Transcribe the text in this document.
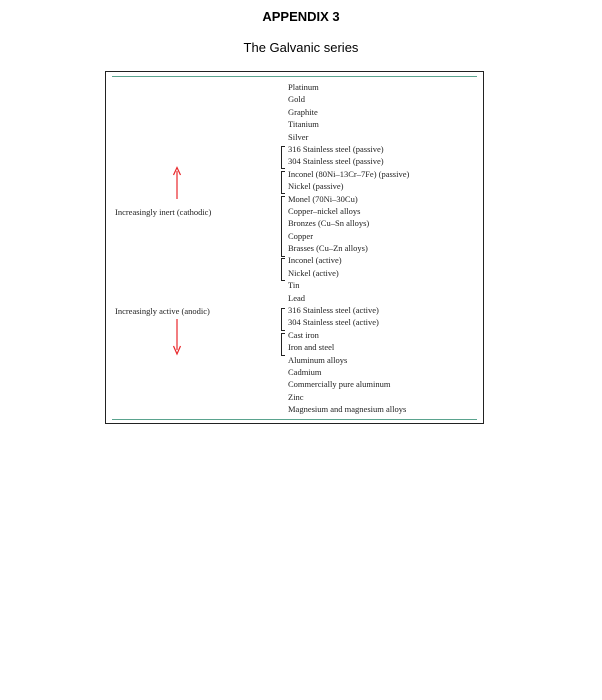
APPENDIX 3
The Galvanic series
Increasingly inert (cathodic)
Increasingly active (anodic)
Platinum
Gold
Graphite
Titanium
Silver
316 Stainless steel (passive)
304 Stainless steel (passive)
Inconel (80Ni–13Cr–7Fe) (passive)
Nickel (passive)
Monel (70Ni–30Cu)
Copper–nickel alloys
Bronzes (Cu–Sn alloys)
Copper
Brasses (Cu–Zn alloys)
Inconel (active)
Nickel (active)
Tin
Lead
316 Stainless steel (active)
304 Stainless steel (active)
Cast iron
Iron and steel
Aluminum alloys
Cadmium
Commercially pure aluminum
Zinc
Magnesium and magnesium alloys
